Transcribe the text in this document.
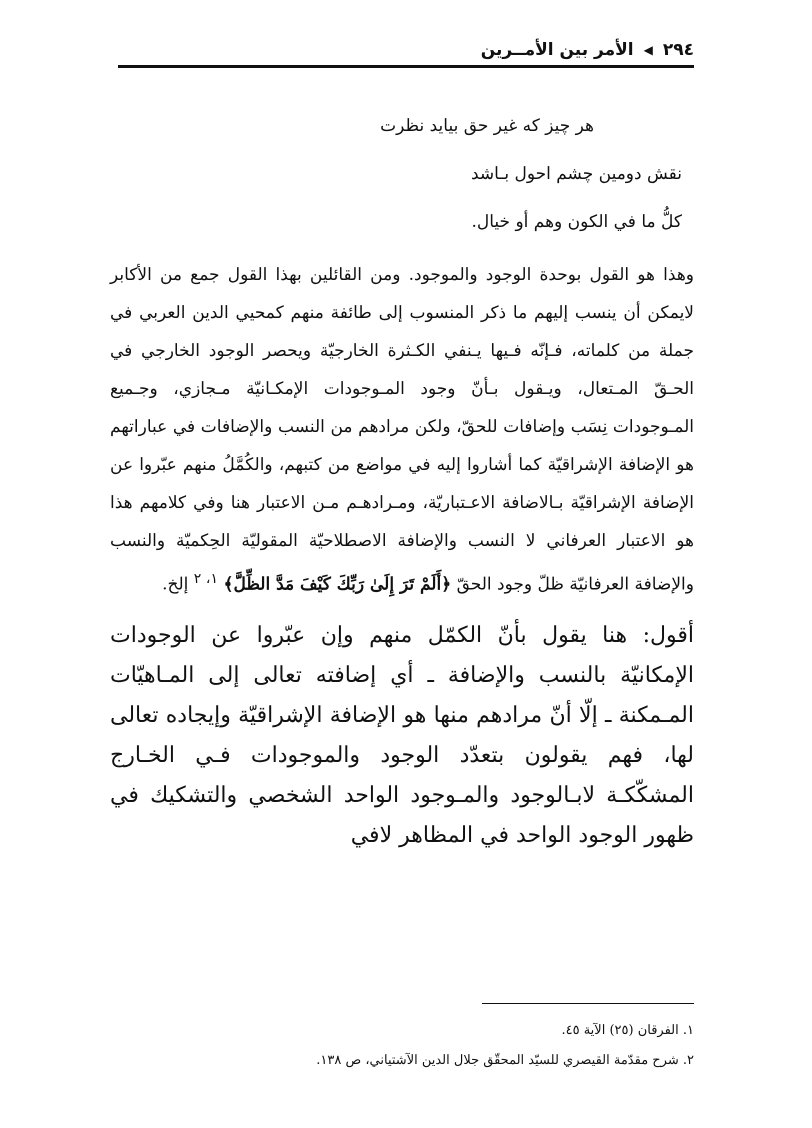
٢٩٤
◀
الأمر بين الأمــرين

هر چيز كه غير حق بيايد نظرت

نقش دومين چشم احول بـاشد

كلُّ ما في الكون وهم أو خيال.

وهذا هو القول بوحدة الوجود والموجود. ومن القائلين بهذا القول جمع من الأكابر لايمكن أن ينسب إليهم ما ذكر المنسوب إلى طائفة منهم كمحيي الدين العربي في جملة من كلماته، فـإنّه فـيها يـنفي الكـثرة الخارجيّة ويحصر الوجود الخارجي في الحـقّ المـتعال، ويـقول بـأنّ وجود المـوجودات الإمكـانيّة مـجازي، وجـميع المـوجودات نِسَب وإضافات للحقّ، ولكن مرادهم من النسب والإضافات في عباراتهم هو الإضافة الإشراقيّة كما أشاروا إليه في مواضع من كتبهم، والكُمَّلُ منهم عبّروا عن الإضافة الإشراقيّة بـالاضافة الاعـتباريّة، ومـرادهـم مـن الاعتبار هنا وفي كلامهم هذا هو الاعتبار العرفاني لا النسب والإضافة الاصطلاحيّة المقوليّة الحِكميّة والنسب والإضافة العرفانيّة ظلّ وجود الحقّ ﴿أَلَمْ تَرَ إِلَىٰ رَبِّكَ كَيْفَ مَدَّ الظِّلَّ﴾ $^{١، ٢}$ إلخ.

أقول: هنا يقول بأنّ الكمّل منهم وإن عبّروا عن الوجودات الإمكانيّة بالنسب والإضافة ـ أي إضافته تعالى إلى المـاهيّات المـمكنة ـ إلّا أنّ مرادهم منها هو الإضافة الإشراقيّة وإيجاده تعالى لها، فهم يقولون بتعدّد الوجود والموجودات فـي الخـارج المشكّكـة لابـالوجود والمـوجود الواحد الشخصي والتشكيك في ظهور الوجود الواحد في المظاهر لافي

١. الفرقان (٢٥) الآية ٤٥.
٢. شرح مقدّمة القيصري للسيّد المحقّق جلال الدين الآشتياني، ص ١٣٨.
